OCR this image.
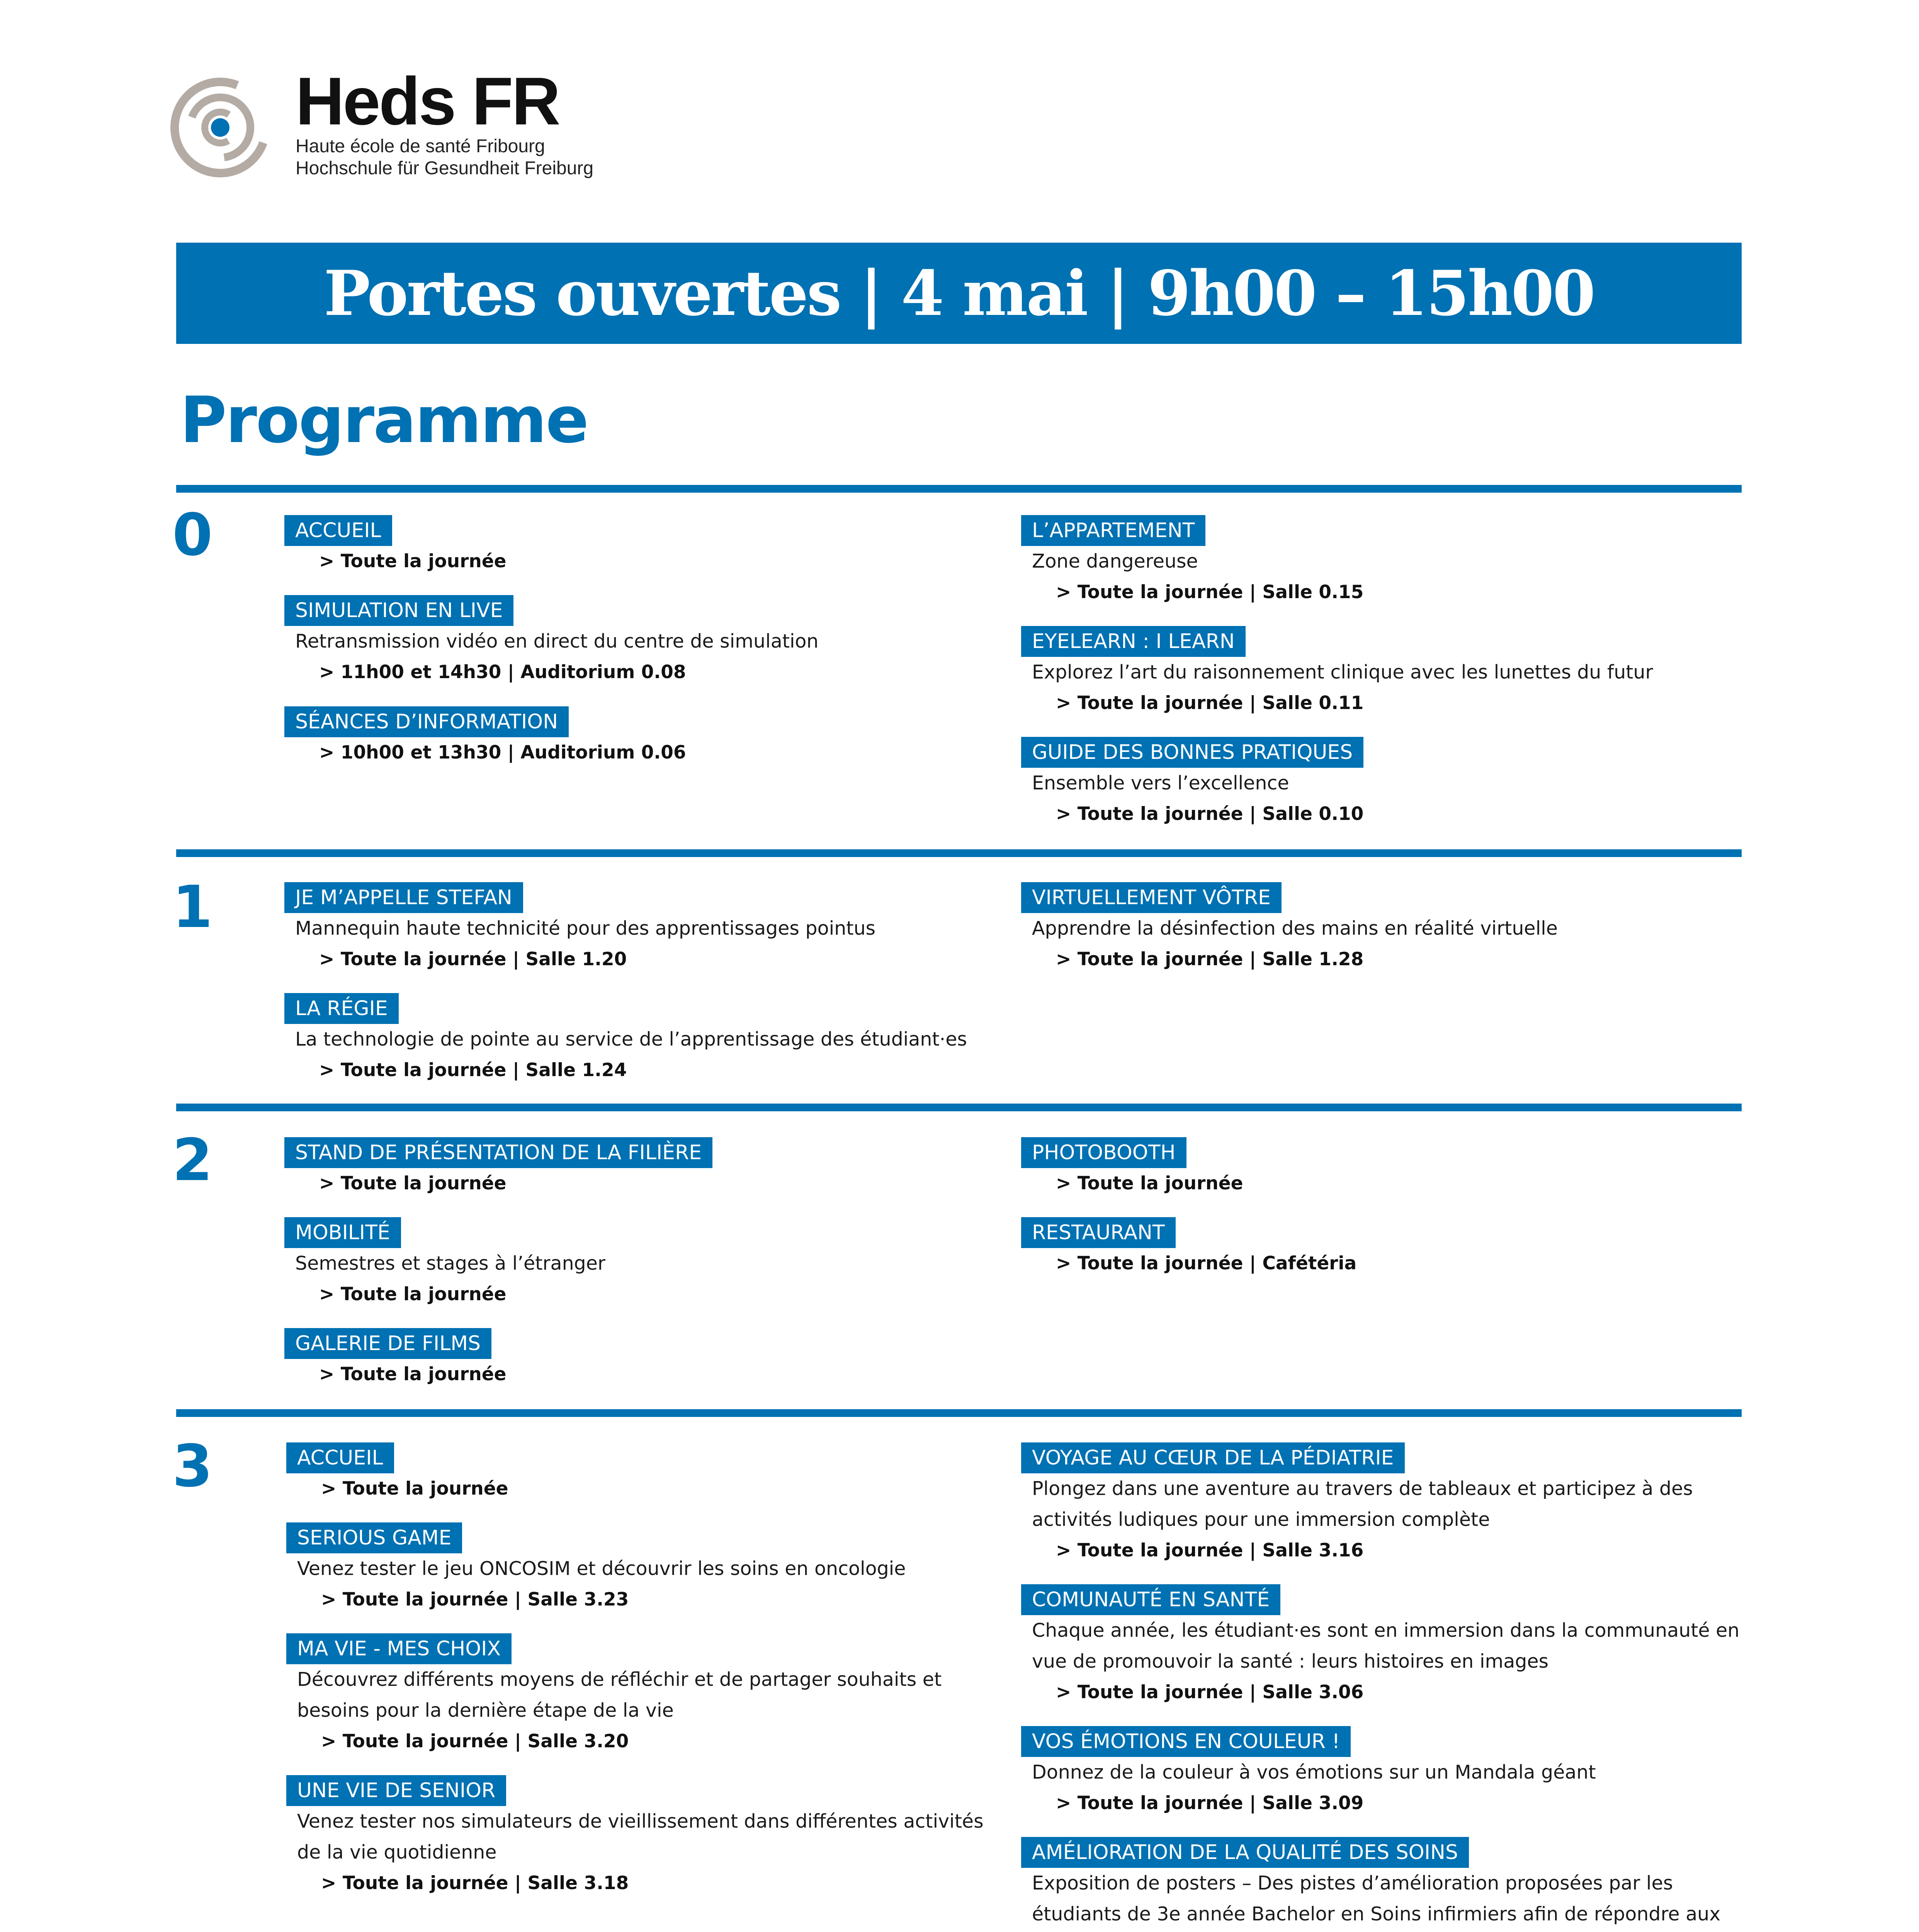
Heds FR
Haute école de santé Fribourg
Hochschule für Gesundheit Freiburg
Portes ouvertes | 4 mai | 9h00 – 15h00
Programme
0
1
2
3
ACCUEIL
> Toute la journée
SIMULATION EN LIVE
Retransmission vidéo en direct du centre de simulation
> 11h00 et 14h30 | Auditorium 0.08
SÉANCES D’INFORMATION
> 10h00 et 13h30 | Auditorium 0.06
L’APPARTEMENT
Zone dangereuse
> Toute la journée | Salle 0.15
EYELEARN : I LEARN
Explorez l’art du raisonnement clinique avec les lunettes du futur
> Toute la journée | Salle 0.11
GUIDE DES BONNES PRATIQUES
Ensemble vers l’excellence
> Toute la journée | Salle 0.10
JE M’APPELLE STEFAN
Mannequin haute technicité pour des apprentissages pointus
> Toute la journée | Salle 1.20
LA RÉGIE
La technologie de pointe au service de l’apprentissage des étudiant·es
> Toute la journée | Salle 1.24
VIRTUELLEMENT VÔTRE
Apprendre la désinfection des mains en réalité virtuelle
> Toute la journée | Salle 1.28
STAND DE PRÉSENTATION DE LA FILIÈRE
> Toute la journée
MOBILITÉ
Semestres et stages à l’étranger
> Toute la journée
GALERIE DE FILMS
> Toute la journée
PHOTOBOOTH
> Toute la journée
RESTAURANT
> Toute la journée | Cafétéria
ACCUEIL
> Toute la journée
SERIOUS GAME
Venez tester le jeu ONCOSIM et découvrir les soins en oncologie
> Toute la journée | Salle 3.23
MA VIE - MES CHOIX
Découvrez différents moyens de réfléchir et de partager souhaits et besoins pour la dernière étape de la vie
> Toute la journée | Salle 3.20
UNE VIE DE SENIOR
Venez tester nos simulateurs de vieillissement dans différentes activités de la vie quotidienne
> Toute la journée | Salle 3.18
VOYAGE AU CŒUR DE LA PÉDIATRIE
Plongez dans une aventure au travers de tableaux et participez à des activités ludiques pour une immersion complète
> Toute la journée | Salle 3.16
COMUNAUTÉ EN SANTÉ
Chaque année, les étudiant·es sont en immersion dans la communauté en vue de promouvoir la santé : leurs histoires en images
> Toute la journée | Salle 3.06
VOS ÉMOTIONS EN COULEUR !
Donnez de la couleur à vos émotions sur un Mandala géant
> Toute la journée | Salle 3.09
AMÉLIORATION DE LA QUALITÉ DES SOINS
Exposition de posters – Des pistes d’amélioration proposées par les étudiants de 3e année Bachelor en Soins infirmiers afin de répondre aux
